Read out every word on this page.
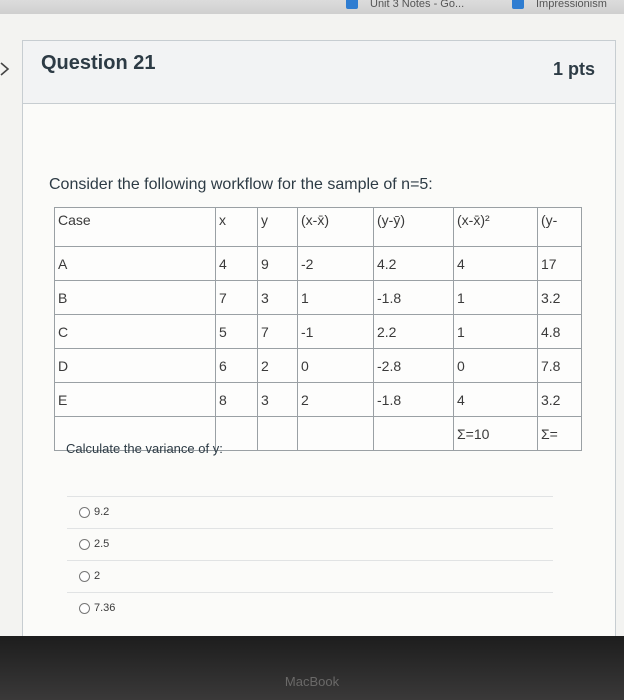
Unit 3 Notes - Go...	Impressionism
Question 21	1 pts
Consider the following workflow for the sample of n=5:
Case	x	y	(x-x̄)	(y-ȳ)	(x-x̄)²	(y-
A	4	9	-2	4.2	4	17
B	7	3	1	-1.8	1	3.2
C	5	7	-1	2.2	1	4.8
D	6	2	0	-2.8	0	7.8
E	8	3	2	-1.8	4	3.2
					Σ=10	Σ=
Calculate the variance of y:
9.2
2.5
2
7.36
MacBook
